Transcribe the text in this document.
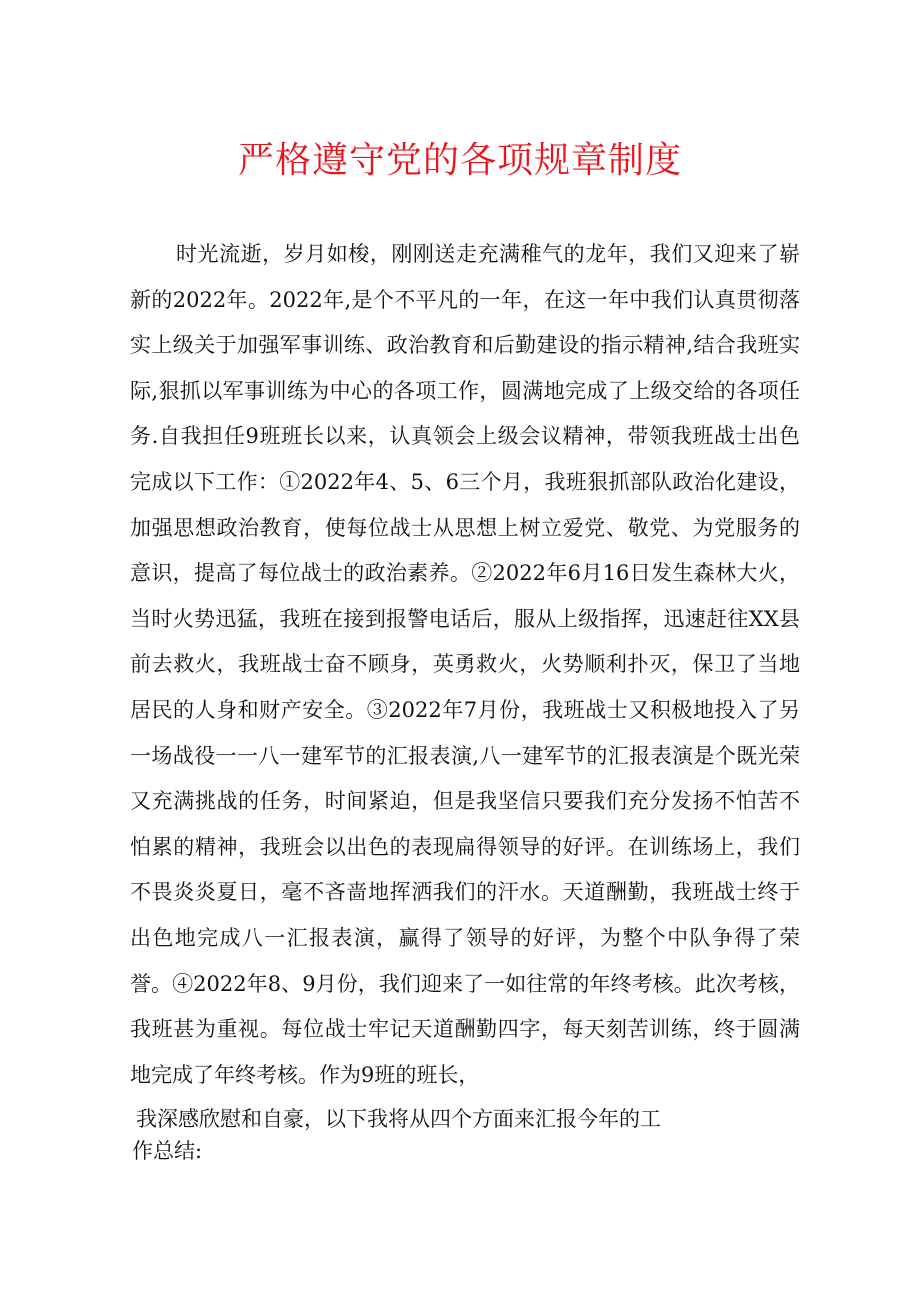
严格遵守党的各项规章制度

时光流逝，岁月如梭，刚刚送走充满稚气的龙年，我们又迎来了崭新的2022年。2022年,是个不平凡的一年，在这一年中我们认真贯彻落实上级关于加强军事训练、政治教育和后勤建设的指示精神,结合我班实际,狠抓以军事训练为中心的各项工作，圆满地完成了上级交给的各项任务.自我担任9班班长以来，认真领会上级会议精神，带领我班战士出色完成以下工作：①2022年4、5、6三个月，我班狠抓部队政治化建设，加强思想政治教育，使每位战士从思想上树立爱党、敬党、为党服务的意识，提高了每位战士的政治素养。②2022年6月16日发生森林大火，当时火势迅猛，我班在接到报警电话后，服从上级指挥，迅速赶往XX县前去救火，我班战士奋不顾身，英勇救火，火势顺利扑灭，保卫了当地居民的人身和财产安全。③2022年7月份，我班战士又积极地投入了另一场战役一一八一建军节的汇报表演,八一建军节的汇报表演是个既光荣又充满挑战的任务，时间紧迫，但是我坚信只要我们充分发扬不怕苦不怕累的精神，我班会以出色的表现扁得领导的好评。在训练场上，我们不畏炎炎夏日，毫不吝啬地挥洒我们的汗水。天道酬勤，我班战士终于出色地完成八一汇报表演，赢得了领导的好评，为整个中队争得了荣誉。④2022年8、9月份，我们迎来了一如往常的年终考核。此次考核，我班甚为重视。每位战士牢记天道酬勤四字，每天刻苦训练，终于圆满地完成了年终考核。作为9班的班长，

我深感欣慰和自豪，以下我将从四个方面来汇报今年的工
作总结:
